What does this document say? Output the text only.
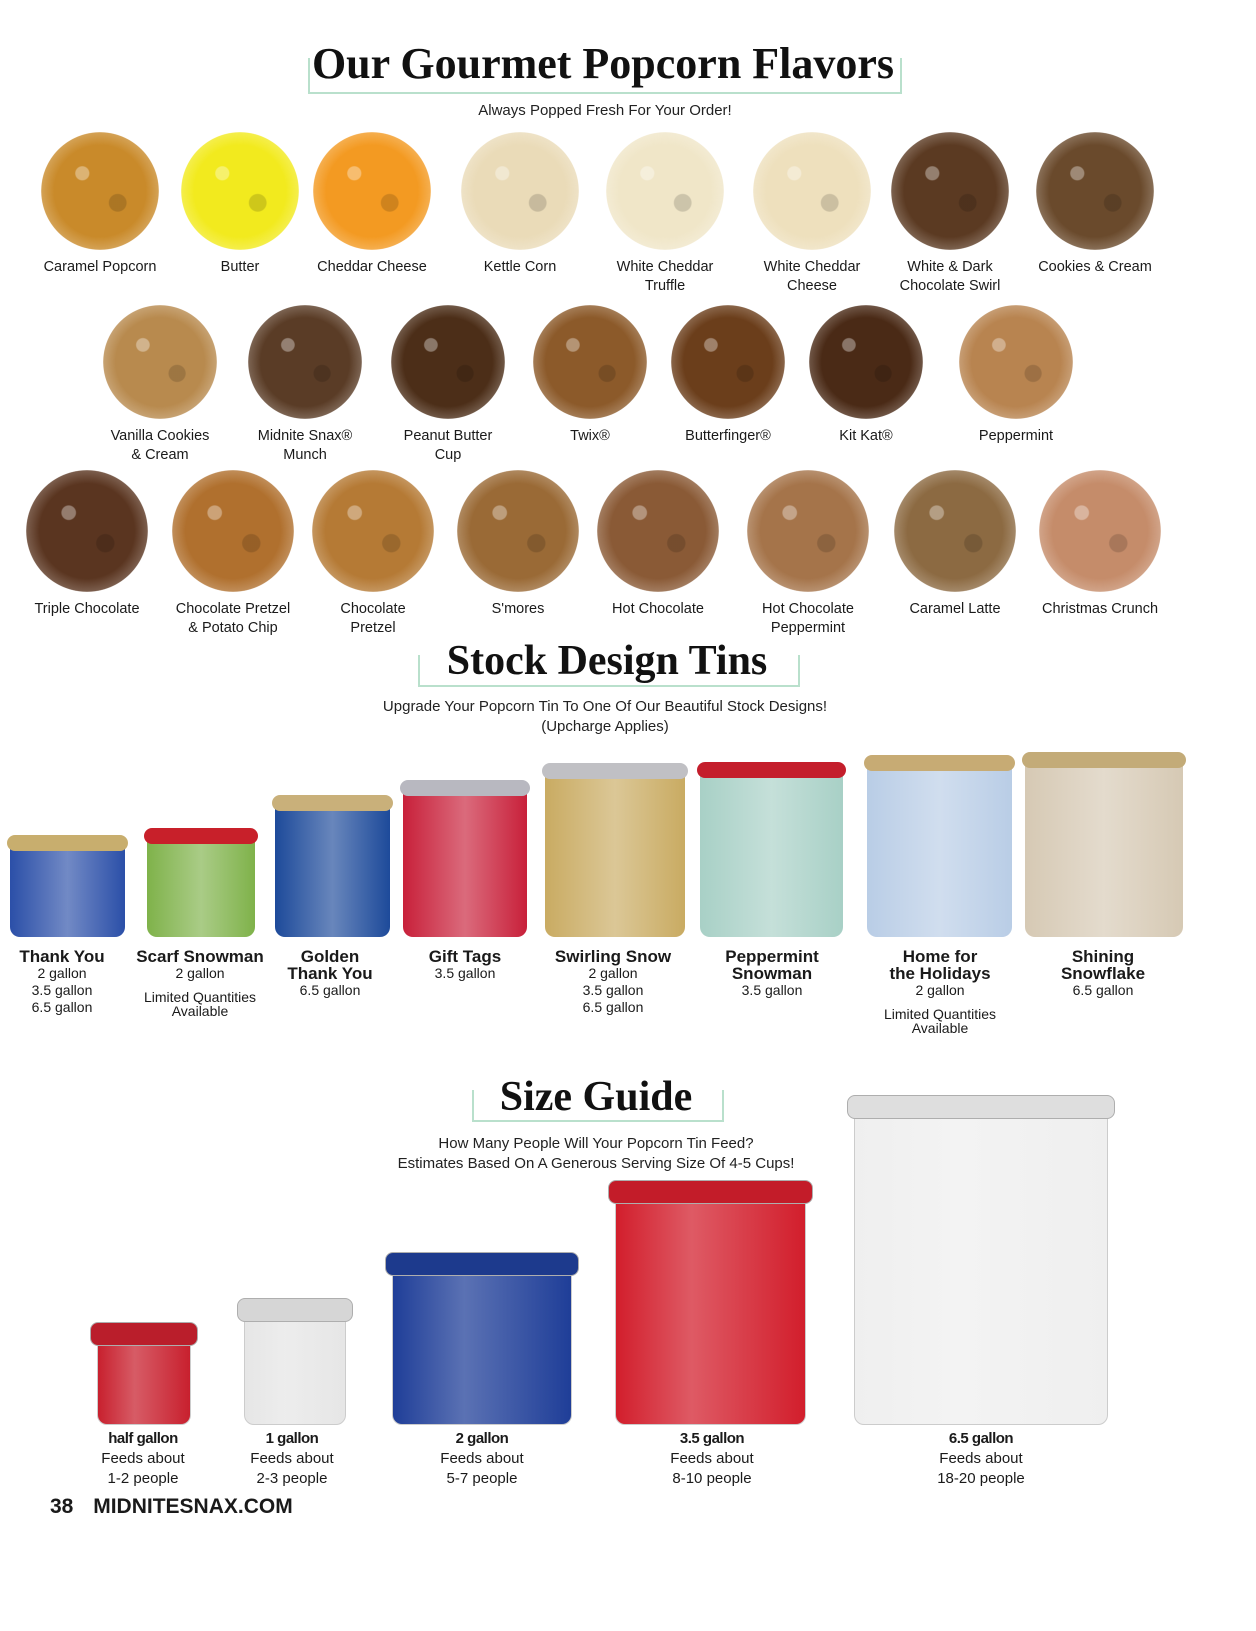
Our Gourmet Popcorn Flavors
Always Popped Fresh For Your Order!
Caramel Popcorn	Butter	Cheddar Cheese	Kettle Corn	White Cheddar
Truffle
White Cheddar
Cheese
White & Dark
Chocolate Swirl
Cookies & Cream
Vanilla Cookies
& Cream
Midnite Snax®
Munch
Peanut Butter
Cup
Twix®	Butterfinger®	Kit Kat®	Peppermint
Triple Chocolate	Chocolate Pretzel
& Potato Chip
Chocolate
Pretzel
S'mores	Hot Chocolate	Hot Chocolate
Peppermint
Caramel Latte	Christmas Crunch
Stock Design Tins
Upgrade Your Popcorn Tin To One Of Our Beautiful Stock Designs!
(Upcharge Applies)
Thank You
2 gallon
3.5 gallon
6.5 gallon
Scarf Snowman
2 gallon
Limited Quantities
Available
Golden
Thank You
6.5 gallon
Gift Tags
3.5 gallon
Swirling Snow
2 gallon
3.5 gallon
6.5 gallon
Peppermint
Snowman
3.5 gallon
Home for
the Holidays
2 gallon
Limited Quantities
Available
Shining
Snowflake
6.5 gallon
Size Guide
How Many People Will Your Popcorn Tin Feed?
Estimates Based On A Generous Serving Size Of 4-5 Cups!
half gallon
Feeds about
1-2 people
1 gallon
Feeds about
2-3 people
2 gallon
Feeds about
5-7 people
3.5 gallon
Feeds about
8-10 people
6.5 gallon
Feeds about
18-20 people
38 MIDNITESNAX.COM
